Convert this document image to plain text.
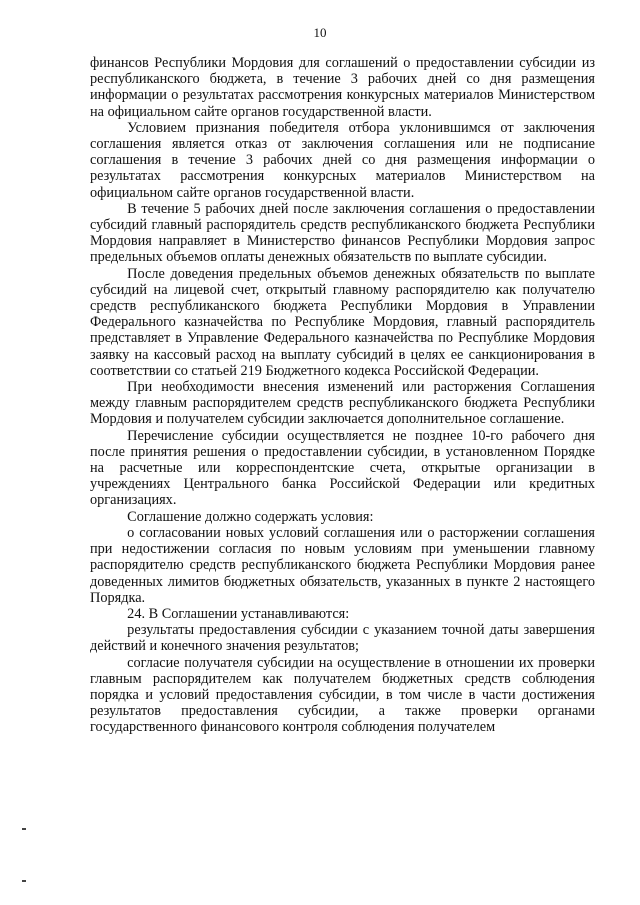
10

финансов Республики Мордовия для соглашений о предоставлении субсидии из республиканского бюджета, в течение 3 рабочих дней со дня размещения информации о результатах рассмотрения конкурсных материалов Министерством на официальном сайте органов государственной власти.

Условием признания победителя отбора уклонившимся от заключения соглашения является отказ от заключения соглашения или не подписание соглашения в течение 3 рабочих дней со дня размещения информации о результатах рассмотрения конкурсных материалов Министерством на официальном сайте органов государственной власти.

В течение 5 рабочих дней после заключения соглашения о предоставлении субсидий главный распорядитель средств республиканского бюджета Республики Мордовия направляет в Министерство финансов Республики Мордовия запрос предельных объемов оплаты денежных обязательств по выплате субсидии.

После доведения предельных объемов денежных обязательств по выплате субсидий на лицевой счет, открытый главному распорядителю как получателю средств республиканского бюджета Республики Мордовия в Управлении Федерального казначейства по Республике Мордовия, главный распорядитель представляет в Управление Федерального казначейства по Республике Мордовия заявку на кассовый расход на выплату субсидий в целях ее санкционирования в соответствии со статьей 219 Бюджетного кодекса Российской Федерации.

При необходимости внесения изменений или расторжения Соглашения между главным распорядителем средств республиканского бюджета Республики Мордовия и получателем субсидии заключается дополнительное соглашение.

Перечисление субсидии осуществляется не позднее 10-го рабочего дня после принятия решения о предоставлении субсидии, в установленном Порядке на расчетные или корреспондентские счета, открытые организации в учреждениях Центрального банка Российской Федерации или кредитных организациях.

Соглашение должно содержать условия:

о согласовании новых условий соглашения или о расторжении соглашения при недостижении согласия по новым условиям при уменьшении главному распорядителю средств республиканского бюджета Республики Мордовия ранее доведенных лимитов бюджетных обязательств, указанных в пункте 2 настоящего Порядка.

24. В Соглашении устанавливаются:

результаты предоставления субсидии с указанием точной даты завершения действий и конечного значения результатов;

согласие получателя субсидии на осуществление в отношении их проверки главным распорядителем как получателем бюджетных средств соблюдения порядка и условий предоставления субсидии, в том числе в части достижения результатов предоставления субсидии, а также проверки органами государственного финансового контроля соблюдения получателем
